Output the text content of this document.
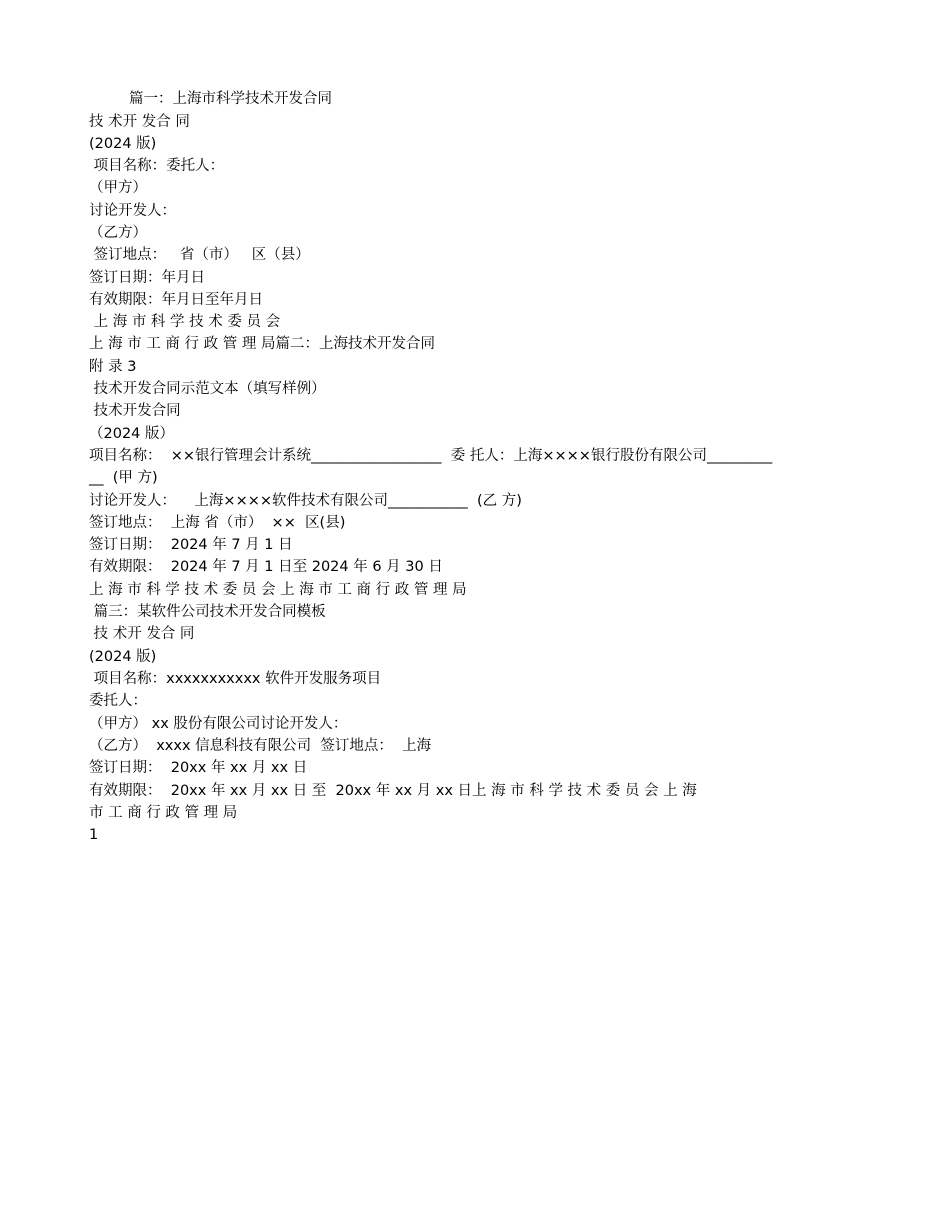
篇一：上海市科学技术开发合同
技 术开 发合 同
(2024 版)
项目名称：委托人：
（甲方）
讨论开发人：
（乙方）
签订地点：   省（市）   区（县）
签订日期：年月日
有效期限：年月日至年月日
上 海 市 科 学 技 术 委 员 会
上 海 市 工 商 行 政 管 理 局篇二：上海技术开发合同
附 录 3
技术开发合同示范文本（填写样例）
技术开发合同
（2024 版）
项目名称：  ××银行管理会计系统__________________  委 托人：上海××××银行股份有限公司_________
__  (甲 方)
讨论开发人：    上海××××软件技术有限公司___________  (乙 方)
签订地点：  上海 省（市）  ××  区(县)
签订日期：  2024 年 7 月 1 日
有效期限：  2024 年 7 月 1 日至 2024 年 6 月 30 日
上 海 市 科 学 技 术 委 员 会 上 海 市 工 商 行 政 管 理 局
篇三：某软件公司技术开发合同模板
技 术开 发合 同
(2024 版)
项目名称：xxxxxxxxxxx 软件开发服务项目
委托人：
（甲方） xx 股份有限公司讨论开发人：
（乙方）  xxxx 信息科技有限公司  签订地点：  上海
签订日期：  20xx 年 xx 月 xx 日
有效期限：  20xx 年 xx 月 xx 日 至  20xx 年 xx 月 xx 日上 海 市 科 学 技 术 委 员 会 上 海
市 工 商 行 政 管 理 局
1
